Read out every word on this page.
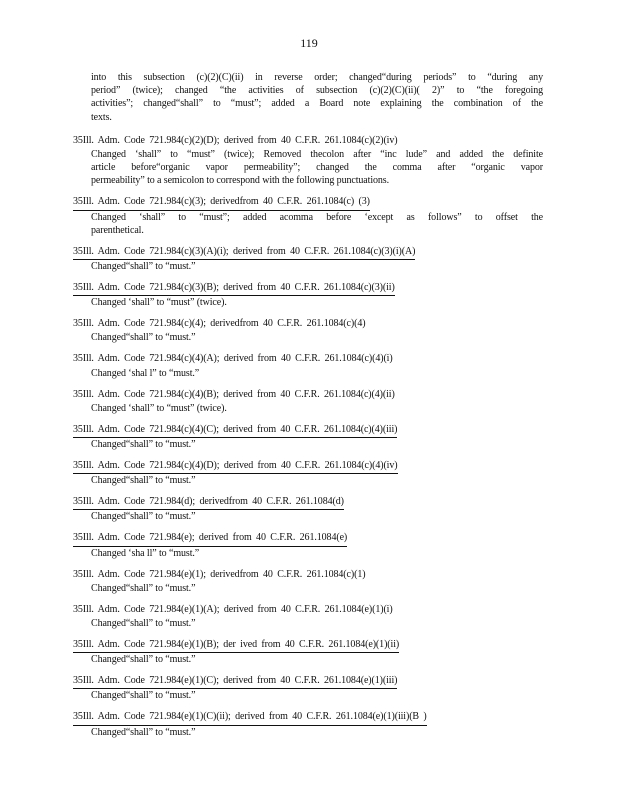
119
into this subsection (c)(2)(C)(ii) in reverse order; changed“during periods” to “during any
period” (twice); changed “the activities of subsection (c)(2)(C)(ii)( 2)” to “the foregoing
activities”; changed“shall” to “must”; added a Board note explaining the combination of the
texts.
35Ill. Adm. Code 721.984(c)(2)(D); derived from 40 C.F.R. 261.1084(c)(2)(iv)
Changed ‘shall” to “must” (twice); Removed thecolon after “inc lude” and added the definite
article before“organic vapor permeability”; changed the comma after “organic vapor
permeability” to a semicolon to correspond with the following punctuations.
35Ill. Adm. Code 721.984(c)(3); derivedfrom 40 C.F.R. 261.1084(c) (3)
Changed ‘shall” to “must”; added acomma before ‘except as follows” to offset the
parenthetical.
35Ill. Adm. Code 721.984(c)(3)(A)(i); derived from 40 C.F.R. 261.1084(c)(3)(i)(A)
Changed“shall” to “must.”
35Ill. Adm. Code 721.984(c)(3)(B); derived from 40 C.F.R. 261.1084(c)(3)(ii)
Changed ‘shall” to “must” (twice).
35Ill. Adm. Code 721.984(c)(4); derivedfrom 40 C.F.R. 261.1084(c)(4)
Changed“shall” to “must.”
35Ill. Adm. Code 721.984(c)(4)(A); derived from 40 C.F.R. 261.1084(c)(4)(i)
Changed ‘shal l” to “must.”
35Ill. Adm. Code 721.984(c)(4)(B); derived from 40 C.F.R. 261.1084(c)(4)(ii)
Changed ‘shall” to “must” (twice).
35Ill. Adm. Code 721.984(c)(4)(C); derived from 40 C.F.R. 261.1084(c)(4)(iii)
Changed“shall” to “must.”
35Ill. Adm. Code 721.984(c)(4)(D); derived from 40 C.F.R. 261.1084(c)(4)(iv)
Changed“shall” to “must.”
35Ill. Adm. Code 721.984(d); derivedfrom 40 C.F.R. 261.1084(d)
Changed“shall” to “must.”
35Ill. Adm. Code 721.984(e); derived from 40 C.F.R. 261.1084(e)
Changed ‘sha ll” to “must.”
35Ill. Adm. Code 721.984(e)(1); derivedfrom 40 C.F.R. 261.1084(c)(1)
Changed“shall” to “must.”
35Ill. Adm. Code 721.984(e)(1)(A); derived from 40 C.F.R. 261.1084(e)(1)(i)
Changed“shall” to “must.”
35Ill. Adm. Code 721.984(e)(1)(B); der ived from 40 C.F.R. 261.1084(e)(1)(ii)
Changed“shall” to “must.”
35Ill. Adm. Code 721.984(e)(1)(C); derived from 40 C.F.R. 261.1084(e)(1)(iii)
Changed“shall” to “must.”
35Ill. Adm. Code 721.984(e)(1)(C)(ii); derived from 40 C.F.R. 261.1084(e)(1)(iii)(B )
Changed“shall” to “must.”
